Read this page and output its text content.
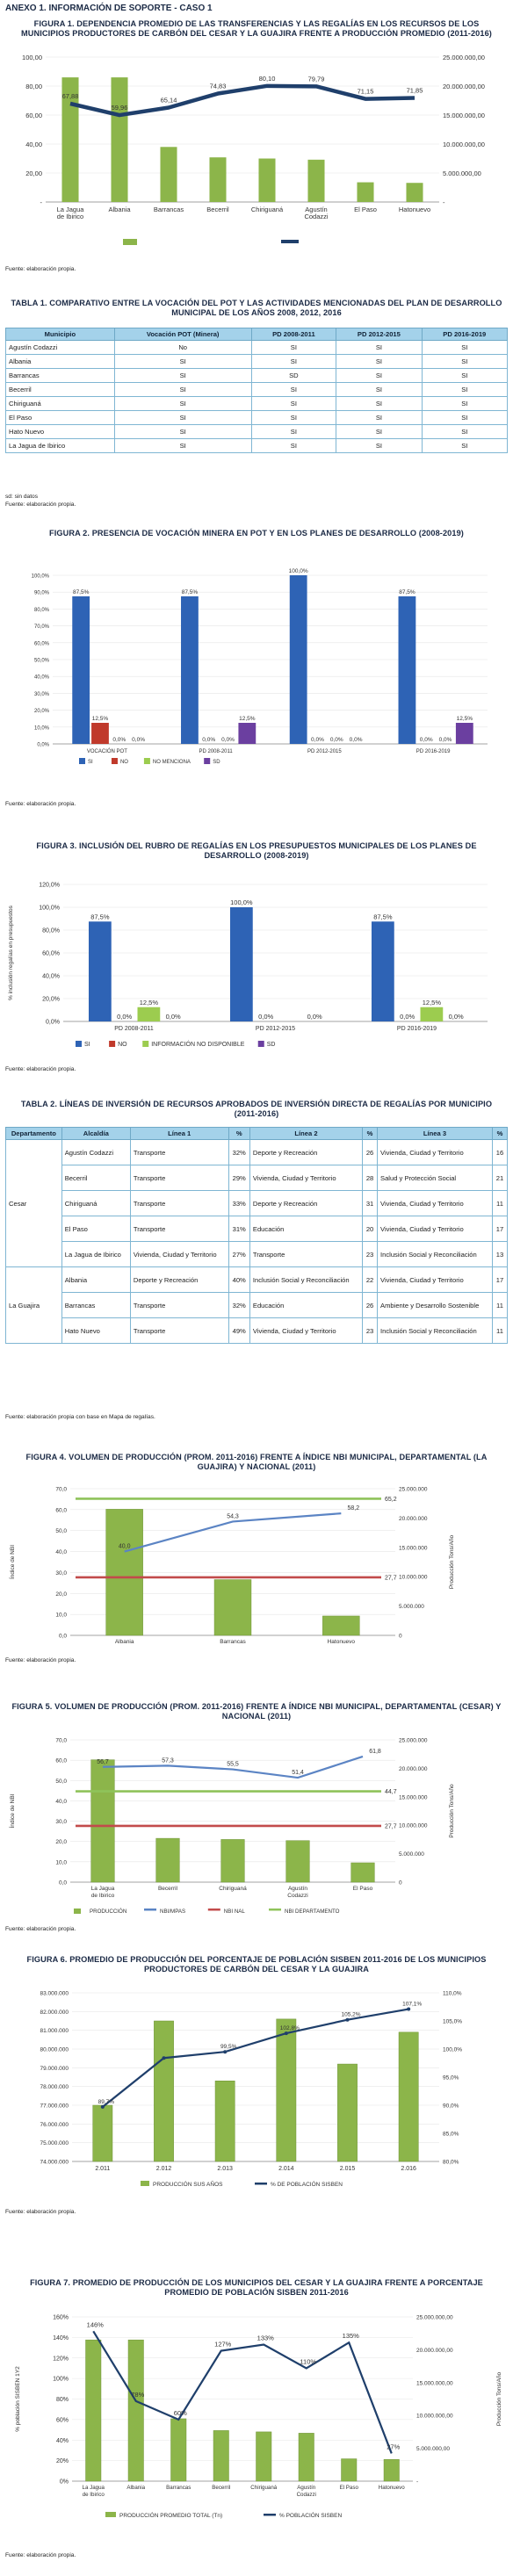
ANEXO 1. INFORMACIÓN DE SOPORTE - CASO 1
FIGURA 1. DEPENDENCIA PROMEDIO DE LAS TRANSFERENCIAS Y LAS REGALÍAS EN LOS RECURSOS DE LOS MUNICIPIOS PRODUCTORES DE CARBÓN DEL CESAR Y LA GUAJIRA FRENTE A PRODUCCIÓN PROMEDIO (2011-2016)
-
20,00
40,00
60,00
80,00
100,00
-
5.000.000,00
10.000.000,00
15.000.000,00
20.000.000,00
25.000.000,00
La Jagua
de Ibirico
Albania	Barrancas	Becerril	Chiriguaná	Agustín
Codazzi
El Paso	Hatonuevo
67,88
59,96
65,14
74,83
80,10	79,79
71,15	71,85
Fuente: elaboración propia.
TABLA 1. COMPARATIVO ENTRE LA VOCACIÓN DEL POT Y LAS ACTIVIDADES MENCIONADAS DEL PLAN DE DESARROLLO MUNICIPAL DE LOS AÑOS 2008, 2012, 2016
Municipio	Vocación POT (Minera)	PD 2008-2011	PD 2012-2015	PD 2016-2019
Agustín Codazzi	No	SI	SI	SI
Albania	SI	SI	SI	SI
Barrancas	SI	SD	SI	SI
Becerril	SI	SI	SI	SI
Chiriguaná	SI	SI	SI	SI
El Paso	SI	SI	SI	SI
Hato Nuevo	SI	SI	SI	SI
La Jagua de Ibirico	SI	SI	SI	SI
sd: sin datos
Fuente: elaboración propia.
FIGURA 2. PRESENCIA DE VOCACIÓN MINERA EN POT Y EN LOS PLANES DE DESARROLLO (2008-2019)
0,0%
10,0%
20,0%
30,0%
40,0%
50,0%
60,0%
70,0%
80,0%
90,0%
100,0%
87,5%
12,5%
0,0% 0,0%
VOCACIÓN POT
87,5%
0,0% 0,0%
12,5%
PD 2008-2011
100,0%
0,0% 0,0% 0,0%
PD 2012-2015
87,5%
0,0% 0,0%
12,5%
PD 2016-2019
SI	NO	NO MENCIONA	SD
Fuente: elaboración propia.
FIGURA 3. INCLUSIÓN DEL RUBRO DE REGALÍAS EN LOS PRESUPUESTOS MUNICIPALES DE LOS PLANES DE DESARROLLO (2008-2019)
0,0%
20,0%
40,0%
60,0%
80,0%
100,0%
120,0%
% inclusión regalías en presupuestos	87,5%
0,0%
12,5%
0,0%
PD 2008-2011
100,0%
0,0%	0,0%
PD 2012-2015
87,5%
0,0%
12,5%
0,0%
PD 2016-2019
SI	NO	INFORMACIÓN NO DISPONIBLE	SD
Fuente: elaboración propia.
TABLA 2. LÍNEAS DE INVERSIÓN DE RECURSOS APROBADOS DE INVERSIÓN DIRECTA DE REGALÍAS POR MUNICIPIO (2011-2016)
Departamento	Alcaldía	Línea 1	%	Línea 2	%	Línea 3	%
Cesar	Agustín Codazzi	Transporte	32%	Deporte y Recreación	26	Vivienda, Ciudad y Territorio	16
	Becerril	Transporte	29%	Vivienda, Ciudad y Territorio	28	Salud y Protección Social	21
	Chiriguaná	Transporte	33%	Deporte y Recreación	31	Vivienda, Ciudad y Territorio	11
	El Paso	Transporte	31%	Educación	20	Vivienda, Ciudad y Territorio	17
	La Jagua de Ibirico	Vivienda, Ciudad y Territorio	27%	Transporte	23	Inclusión Social y Reconciliación	13
La Guajira	Albania	Deporte y Recreación	40%	Inclusión Social y Reconciliación	22	Vivienda, Ciudad y Territorio	17
	Barrancas	Transporte	32%	Educación	26	Ambiente y Desarrollo Sostenible	11
	Hato Nuevo	Transporte	49%	Vivienda, Ciudad y Territorio	23	Inclusión Social y Reconciliación	11
Fuente: elaboración propia con base en Mapa de regalías.
FIGURA 4. VOLUMEN DE PRODUCCIÓN (PROM. 2011-2016) FRENTE A ÍNDICE NBI MUNICIPAL, DEPARTAMENTAL (LA GUAJIRA) Y NACIONAL (2011)
0,0
10,0
20,0
30,0
40,0
50,0
60,0
70,0
0
5.000.000
10.000.000
15.000.000
20.000.000
25.000.000
Índice de NBI	Producción Tons/Año
Albania	Barrancas	Hatonuevo
65,2
27,7
40,0
54,3
58,2
Fuente: elaboración propia.
FIGURA 5. VOLUMEN DE PRODUCCIÓN (PROM. 2011-2016) FRENTE A ÍNDICE NBI MUNICIPAL, DEPARTAMENTAL (CESAR) Y NACIONAL (2011)
0,0
10,0
20,0
30,0
40,0
50,0
60,0
70,0
0
5.000.000
10.000.000
15.000.000
20.000.000
25.000.000
Índice de NBI	Producción Tons/Año
La Jagua
de Ibirico
Becerril	Chiriguaná	Agustín
Codazzi
El Paso
27,7
44,7
56,7	57,3
55,5
51,4
61,8
PRODUCCIÓN	NBI/MPAS	NBI NAL	NBI DEPARTAMENTO
Fuente: elaboración propia.
FIGURA 6. PROMEDIO DE PRODUCCIÓN DEL PORCENTAJE DE POBLACIÓN SISBEN 2011-2016 DE LOS MUNICIPIOS PRODUCTORES DE CARBÓN DEL CESAR Y LA GUAJIRA
74.000.000
75.000.000
76.000.000
77.000.000
78.000.000
79.000.000
80.000.000
81.000.000
82.000.000
83.000.000
80,0%
85,0%
90,0%
95,0%
100,0%
105,0%
110,0%
2.011	2.012	2.013	2.014	2.015	2.016
89,7%
99,5%
102,8%
105,2%
107,1%
PRODUCCIÓN SUS AÑOS	% DE POBLACIÓN SISBEN
Fuente: elaboración propia.
FIGURA 7. PROMEDIO DE PRODUCCIÓN DE LOS MUNICIPIOS DEL CESAR Y LA GUAJIRA FRENTE A PORCENTAJE PROMEDIO DE POBLACIÓN SISBEN 2011-2016
0%
20%
40%
60%
80%
100%
120%
140%
160%
-
5.000.000,00
10.000.000,00
15.000.000,00
20.000.000,00
25.000.000,00
% población SISBEN 1Y2	Producción Tons/Año
La Jagua
de Ibirico
Albania	Barrancas	Becerril	Chiriguaná	Agustín
Codazzi
El Paso	Hatonuevo
146%
78%
60%
127%
133%
110%
135%
27%
PRODUCCIÓN PROMEDIO TOTAL (Tn)	% POBLACIÓN SISBEN
Fuente: elaboración propia.
